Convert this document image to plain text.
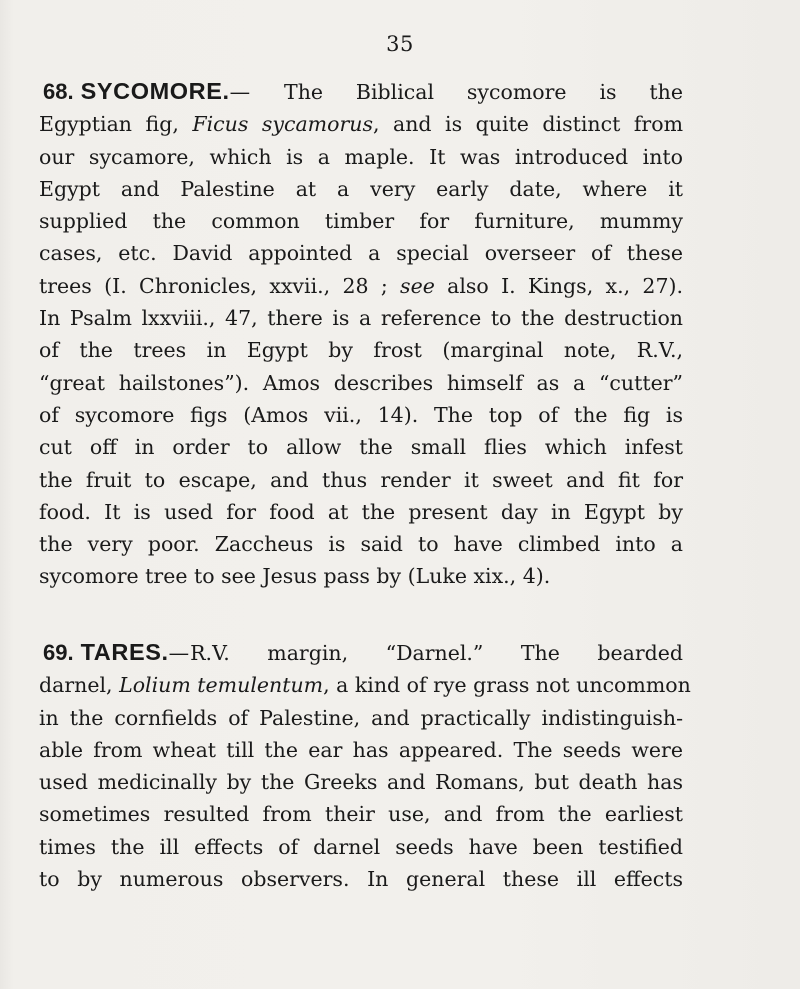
35
68. SYCOMORE.— The Biblical sycomore is the
Egyptian fig, Ficus sycamorus, and is quite distinct from
our sycamore, which is a maple. It was introduced into
Egypt and Palestine at a very early date, where it
supplied the common timber for furniture, mummy
cases, etc. David appointed a special overseer of these
trees (I. Chronicles, xxvii., 28 ; see also I. Kings, x., 27).
In Psalm lxxviii., 47, there is a reference to the destruction
of the trees in Egypt by frost (marginal note, R.V.,
“great hailstones”). Amos describes himself as a “cutter”
of sycomore figs (Amos vii., 14). The top of the fig is
cut off in order to allow the small flies which infest
the fruit to escape, and thus render it sweet and fit for
food. It is used for food at the present day in Egypt by
the very poor. Zaccheus is said to have climbed into a
sycomore tree to see Jesus pass by (Luke xix., 4).
69. TARES.—R.V. margin, “Darnel.” The bearded
darnel, Lolium temulentum, a kind of rye grass not uncommon
in the cornfields of Palestine, and practically indistinguish-
able from wheat till the ear has appeared. The seeds were
used medicinally by the Greeks and Romans, but death has
sometimes resulted from their use, and from the earliest
times the ill effects of darnel seeds have been testified
to by numerous observers. In general these ill effects
